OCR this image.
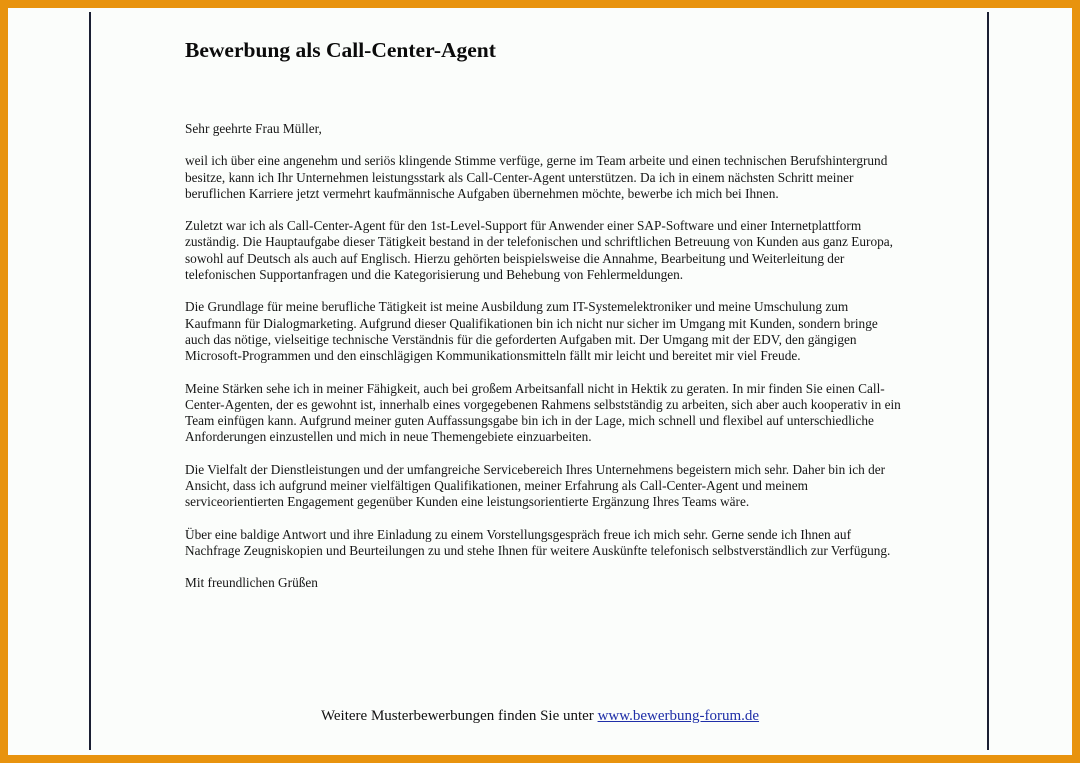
Bewerbung als Call-Center-Agent

Sehr geehrte Frau Müller,

weil ich über eine angenehm und seriös klingende Stimme verfüge, gerne im Team arbeite und einen technischen Berufshintergrund besitze, kann ich Ihr Unternehmen leistungsstark als Call-Center-Agent unterstützen. Da ich in einem nächsten Schritt meiner beruflichen Karriere jetzt vermehrt kaufmännische Aufgaben übernehmen möchte, bewerbe ich mich bei Ihnen.

Zuletzt war ich als Call-Center-Agent für den 1st-Level-Support für Anwender einer SAP-Software und einer Internetplattform zuständig. Die Hauptaufgabe dieser Tätigkeit bestand in der telefonischen und schriftlichen Betreuung von Kunden aus ganz Europa, sowohl auf Deutsch als auch auf Englisch. Hierzu gehörten beispielsweise die Annahme, Bearbeitung und Weiterleitung der telefonischen Supportanfragen und die Kategorisierung und Behebung von Fehlermeldungen.

Die Grundlage für meine berufliche Tätigkeit ist meine Ausbildung zum IT-Systemelektroniker und meine Umschulung zum Kaufmann für Dialogmarketing. Aufgrund dieser Qualifikationen bin ich nicht nur sicher im Umgang mit Kunden, sondern bringe auch das nötige, vielseitige technische Verständnis für die geforderten Aufgaben mit. Der Umgang mit der EDV, den gängigen Microsoft-Programmen und den einschlägigen Kommunikationsmitteln fällt mir leicht und bereitet mir viel Freude.

Meine Stärken sehe ich in meiner Fähigkeit, auch bei großem Arbeitsanfall nicht in Hektik zu geraten. In mir finden Sie einen Call-Center-Agenten, der es gewohnt ist, innerhalb eines vorgegebenen Rahmens selbstständig zu arbeiten, sich aber auch kooperativ in ein Team einfügen kann. Aufgrund meiner guten Auffassungsgabe bin ich in der Lage, mich schnell und flexibel auf unterschiedliche Anforderungen einzustellen und mich in neue Themengebiete einzuarbeiten.

Die Vielfalt der Dienstleistungen und der umfangreiche Servicebereich Ihres Unternehmens begeistern mich sehr. Daher bin ich der Ansicht, dass ich aufgrund meiner vielfältigen Qualifikationen, meiner Erfahrung als Call-Center-Agent und meinem serviceorientierten Engagement gegenüber Kunden eine leistungsorientierte Ergänzung Ihres Teams wäre.

Über eine baldige Antwort und ihre Einladung zu einem Vorstellungsgespräch freue ich mich sehr. Gerne sende ich Ihnen auf Nachfrage Zeugniskopien und Beurteilungen zu und stehe Ihnen für weitere Auskünfte telefonisch selbstverständlich zur Verfügung.

Mit freundlichen Grüßen

Weitere Musterbewerbungen finden Sie unter www.bewerbung-forum.de
